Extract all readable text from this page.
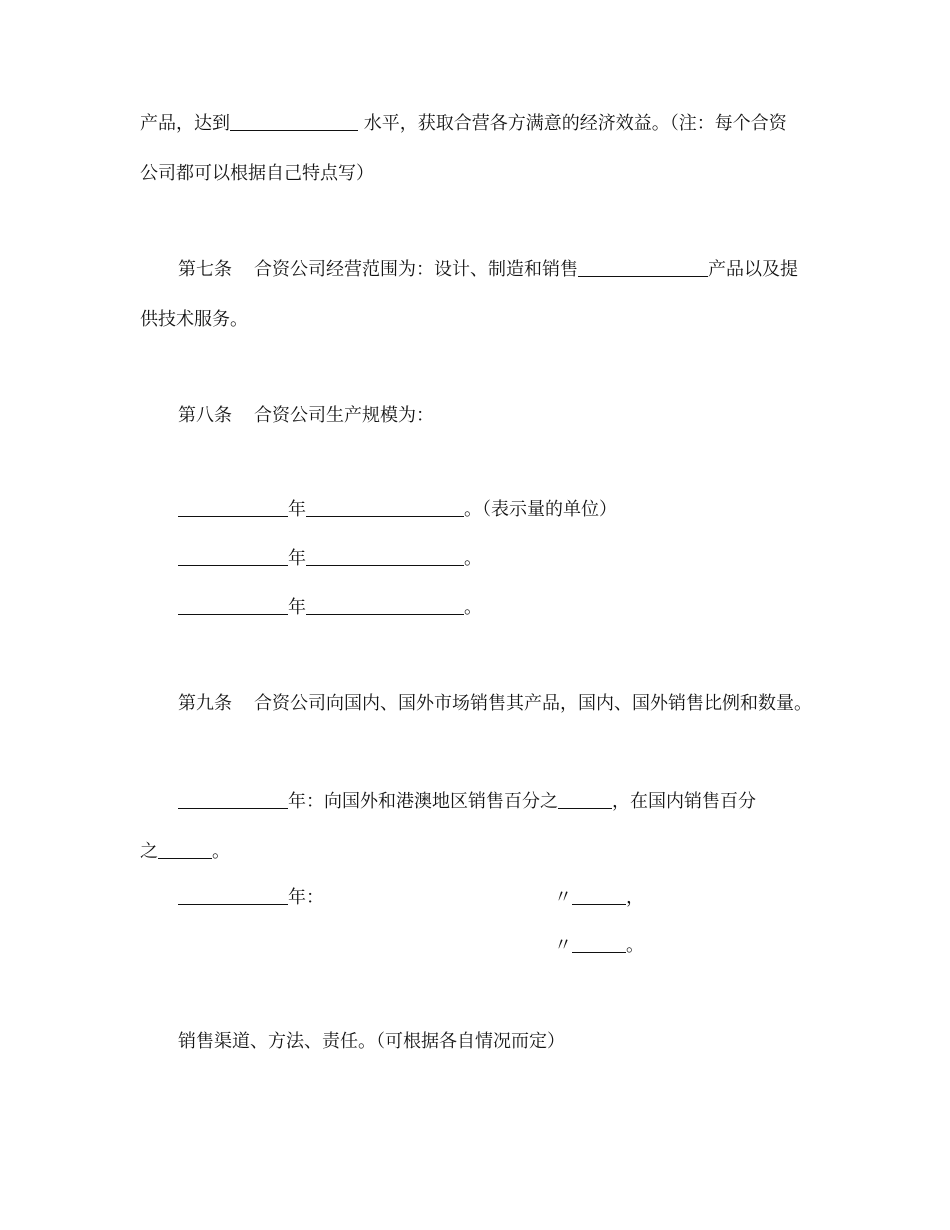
产品，达到	水平，获取合营各方满意的经济效益。（注：每个合资
公司都可以根据自己特点写）
第七条 合资公司经营范围为：设计、制造和销售	产品以及提
供技术服务。
第八条 合资公司生产规模为：
年	。（表示量的单位）
年	。
年	。
第九条 合资公司向国内、国外市场销售其产品，国内、国外销售比例和数量。
年：向国外和港澳地区销售百分之	，在国内销售百分
之	。
年：	〃	，
〃	。
销售渠道、方法、责任。（可根据各自情况而定）
